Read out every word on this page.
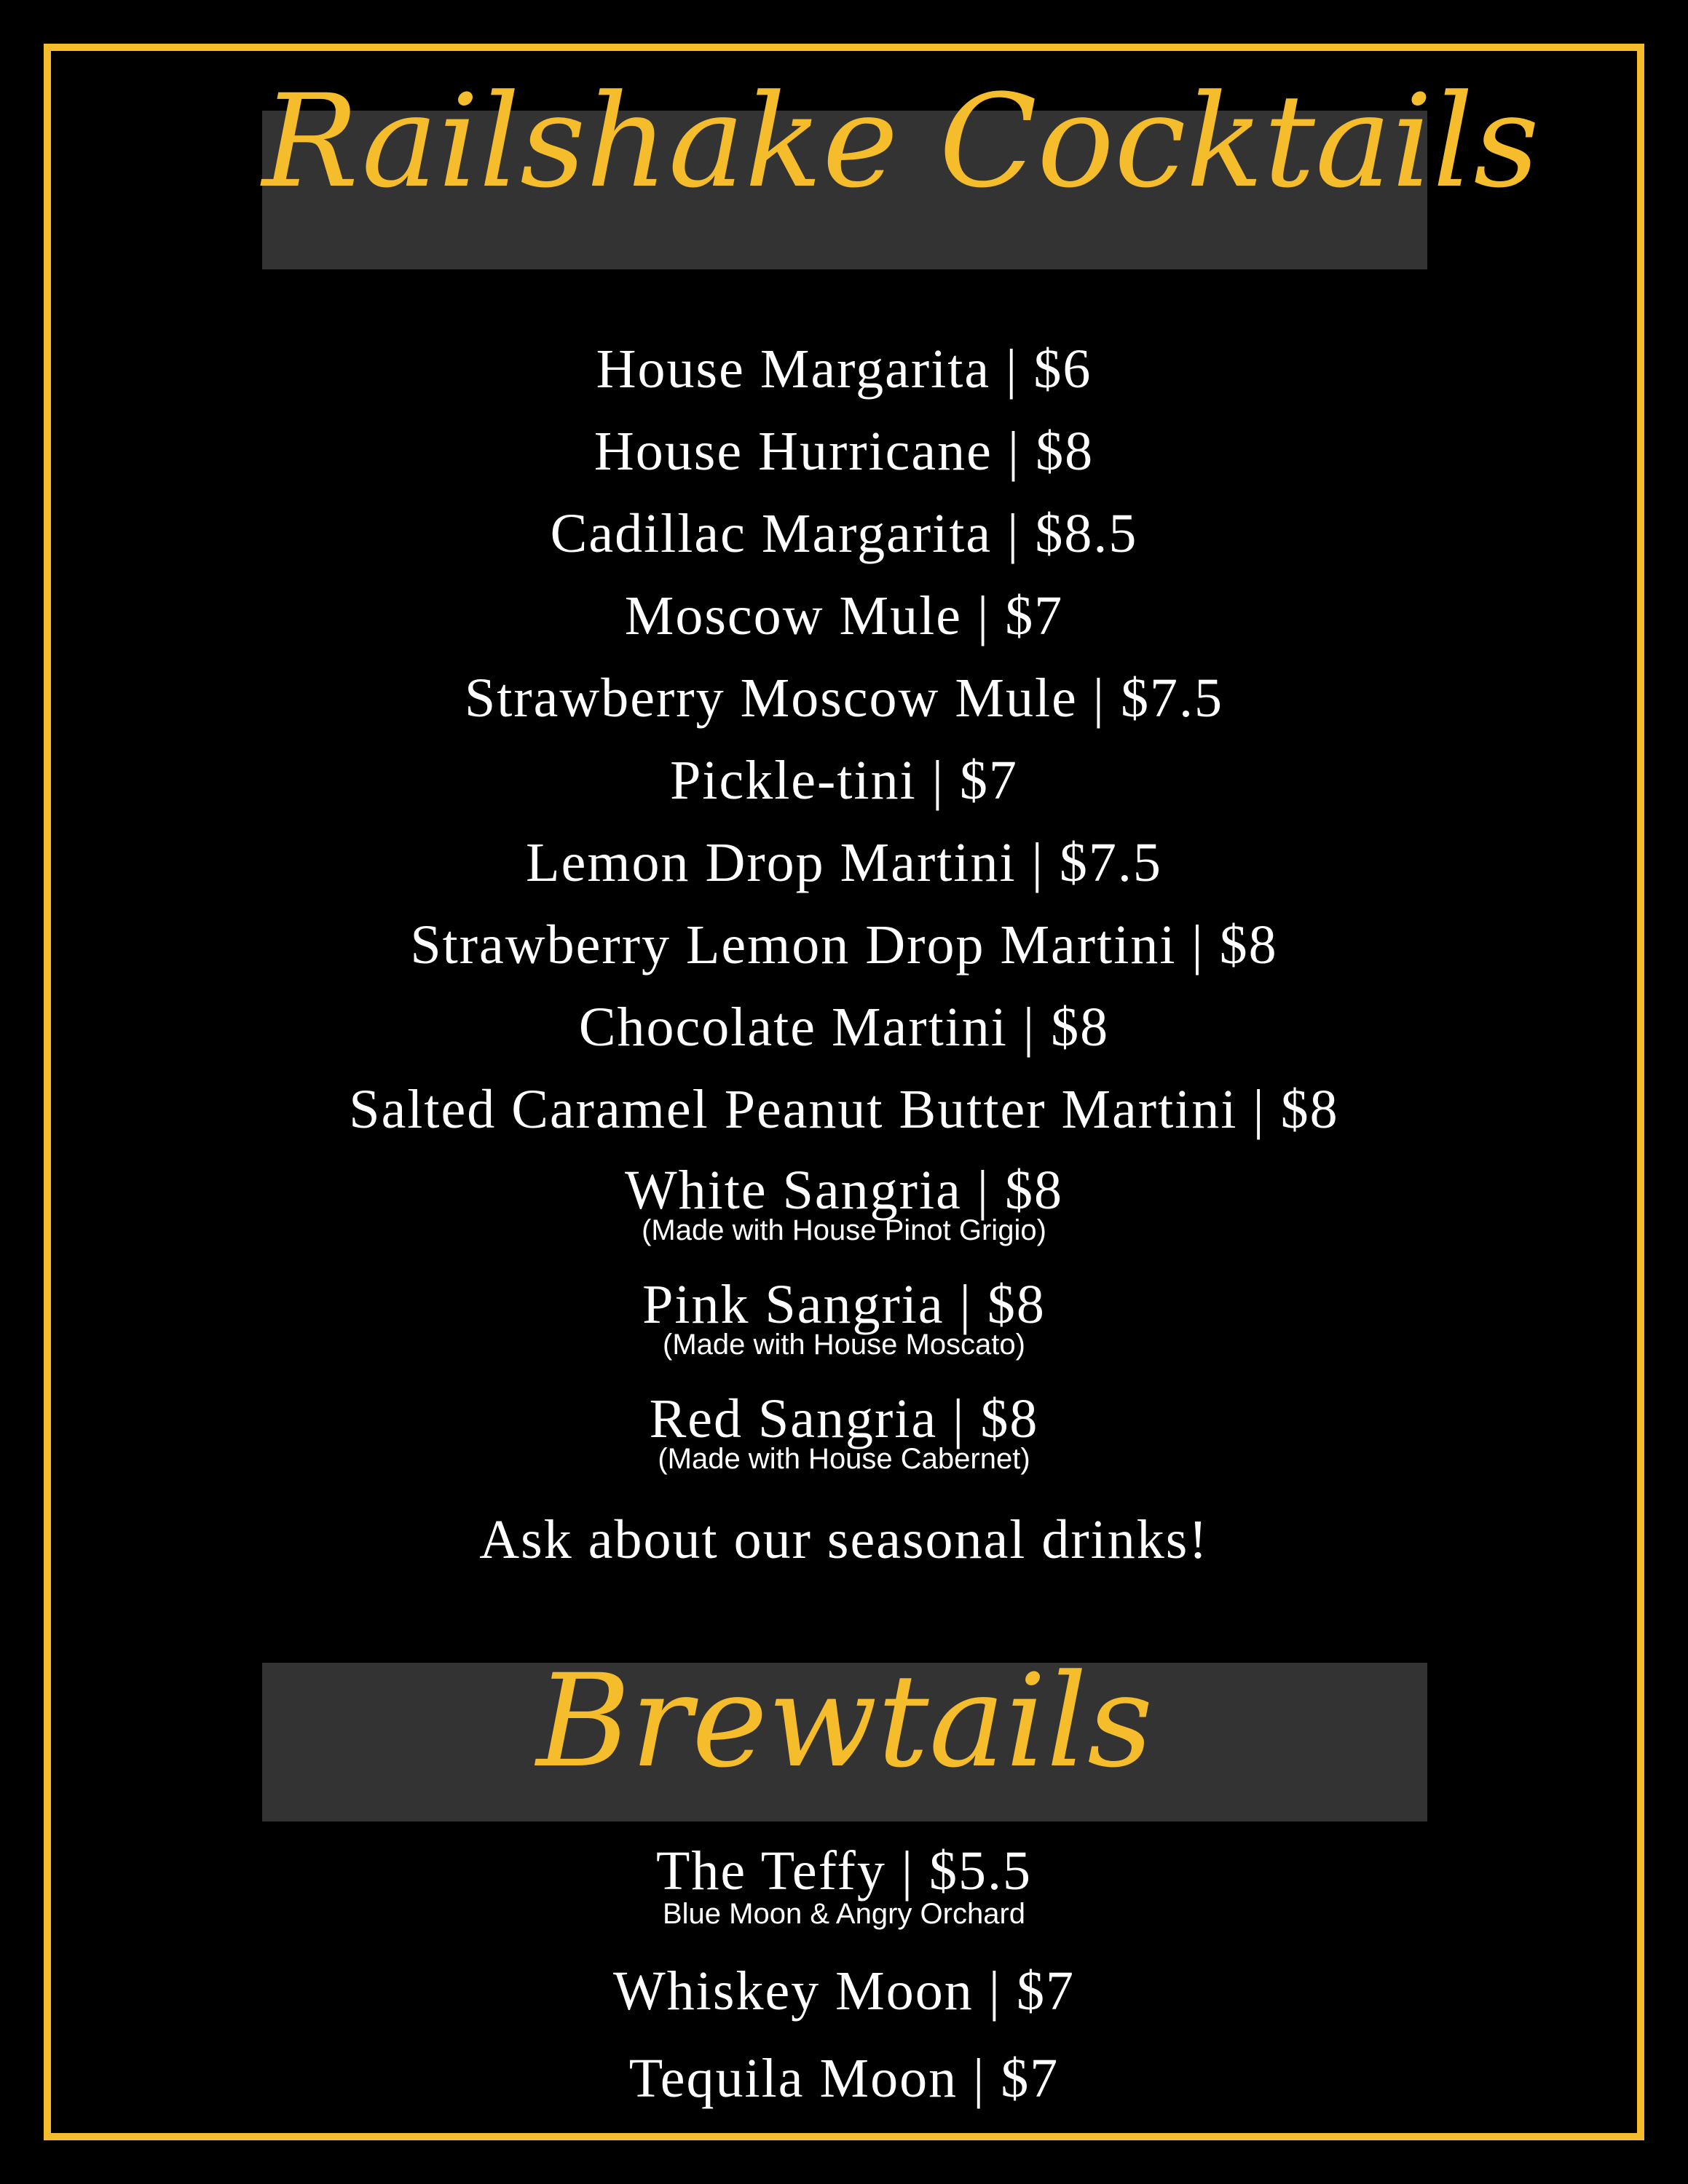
Railshake Cocktails
House Margarita | $6
House Hurricane | $8
Cadillac Margarita | $8.5
Moscow Mule | $7
Strawberry Moscow Mule | $7.5
Pickle-tini | $7
Lemon Drop Martini | $7.5
Strawberry Lemon Drop Martini | $8
Chocolate Martini | $8
Salted Caramel Peanut Butter Martini | $8
White Sangria | $8
(Made with House Pinot Grigio)
Pink Sangria | $8
(Made with House Moscato)
Red Sangria | $8
(Made with House Cabernet)
Ask about our seasonal drinks!
Brewtails
The Teffy | $5.5
Blue Moon & Angry Orchard
Whiskey Moon | $7
Tequila Moon | $7
